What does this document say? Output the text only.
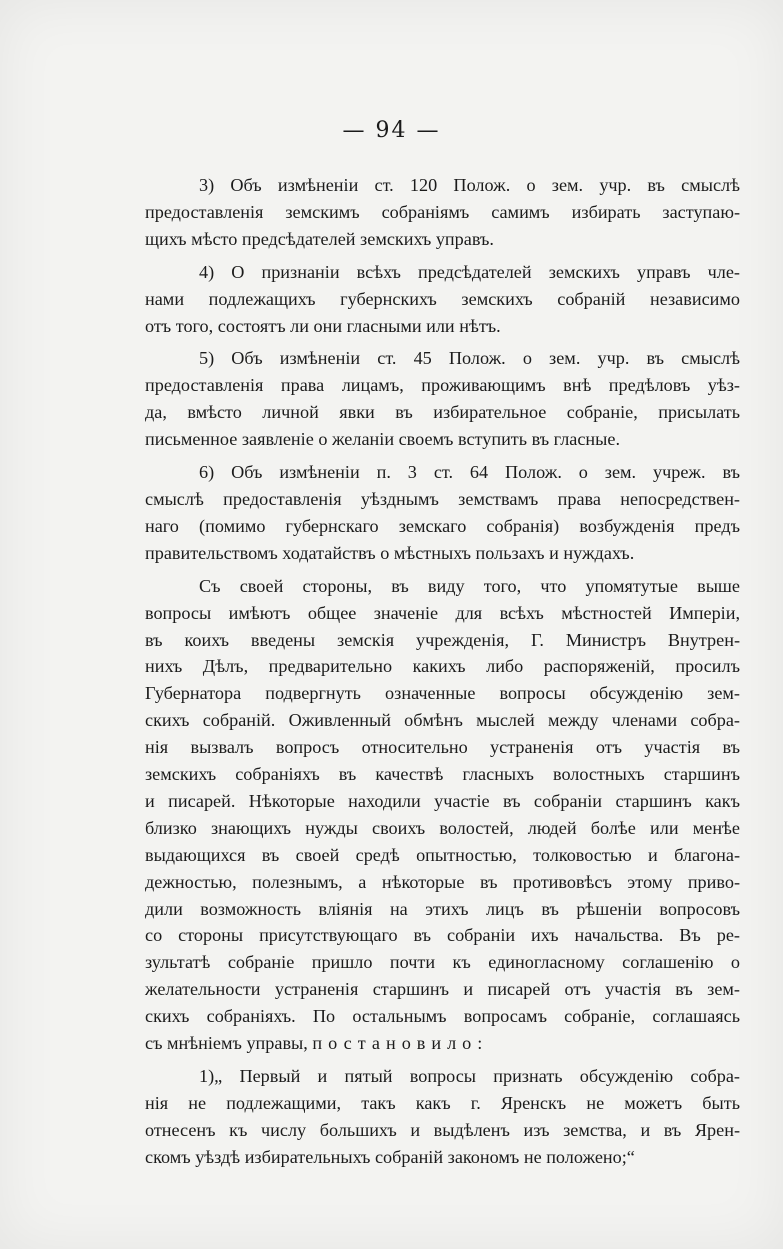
— 94 —
3) Объ измѣненіи ст. 120 Полож. о зем. учр. въ смыслѣ
предоставленія земскимъ собраніямъ самимъ избирать заступаю-
щихъ мѣсто предсѣдателей земскихъ управъ.
4) О признаніи всѣхъ предсѣдателей земскихъ управъ чле-
нами подлежащихъ губернскихъ земскихъ собраній независимо
отъ того, состоятъ ли они гласными или нѣтъ.
5) Объ измѣненіи ст. 45 Полож. о зем. учр. въ смыслѣ
предоставленія права лицамъ, проживающимъ внѣ предѣловъ уѣз-
да, вмѣсто личной явки въ избирательное собраніе, присылать
письменное заявленіе о желаніи своемъ вступить въ гласные.
6) Объ измѣненіи п. 3 ст. 64 Полож. о зем. учреж. въ
смыслѣ предоставленія уѣзднымъ земствамъ права непосредствен-
наго (помимо губернскаго земскаго собранія) возбужденія предъ
правительствомъ ходатайствъ о мѣстныхъ пользахъ и нуждахъ.
Съ своей стороны, въ виду того, что упомятутые выше
вопросы имѣютъ общее значеніе для всѣхъ мѣстностей Имперіи,
въ коихъ введены земскія учрежденія, Г. Министръ Внутрен-
нихъ Дѣлъ, предварительно какихъ либо распоряженій, просилъ
Губернатора подвергнуть означенные вопросы обсужденію зем-
скихъ собраній. Оживленный обмѣнъ мыслей между членами собра-
нія вызвалъ вопросъ относительно устраненія отъ участія въ
земскихъ собраніяхъ въ качествѣ гласныхъ волостныхъ старшинъ
и писарей. Нѣкоторые находили участіе въ собраніи старшинъ какъ
близко знающихъ нужды своихъ волостей, людей болѣе или менѣе
выдающихся въ своей средѣ опытностью, толковостью и благона-
дежностью, полезнымъ, а нѣкоторые въ противовѣсъ этому приво-
дили возможность вліянія на этихъ лицъ въ рѣшеніи вопросовъ
со стороны присутствующаго въ собраніи ихъ начальства. Въ ре-
зультатѣ собраніе пришло почти къ единогласному соглашенію о
желательности устраненія старшинъ и писарей отъ участія въ зем-
скихъ собраніяхъ. По остальнымъ вопросамъ собраніе, соглашаясь
съ мнѣніемъ управы, постановило:
1)„ Первый и пятый вопросы признать обсужденію собра-
нія не подлежащими, такъ какъ г. Яренскъ не можетъ быть
отнесенъ къ числу большихъ и выдѣленъ изъ земства, и въ Ярен-
скомъ уѣздѣ избирательныхъ собраній закономъ не положено;“
